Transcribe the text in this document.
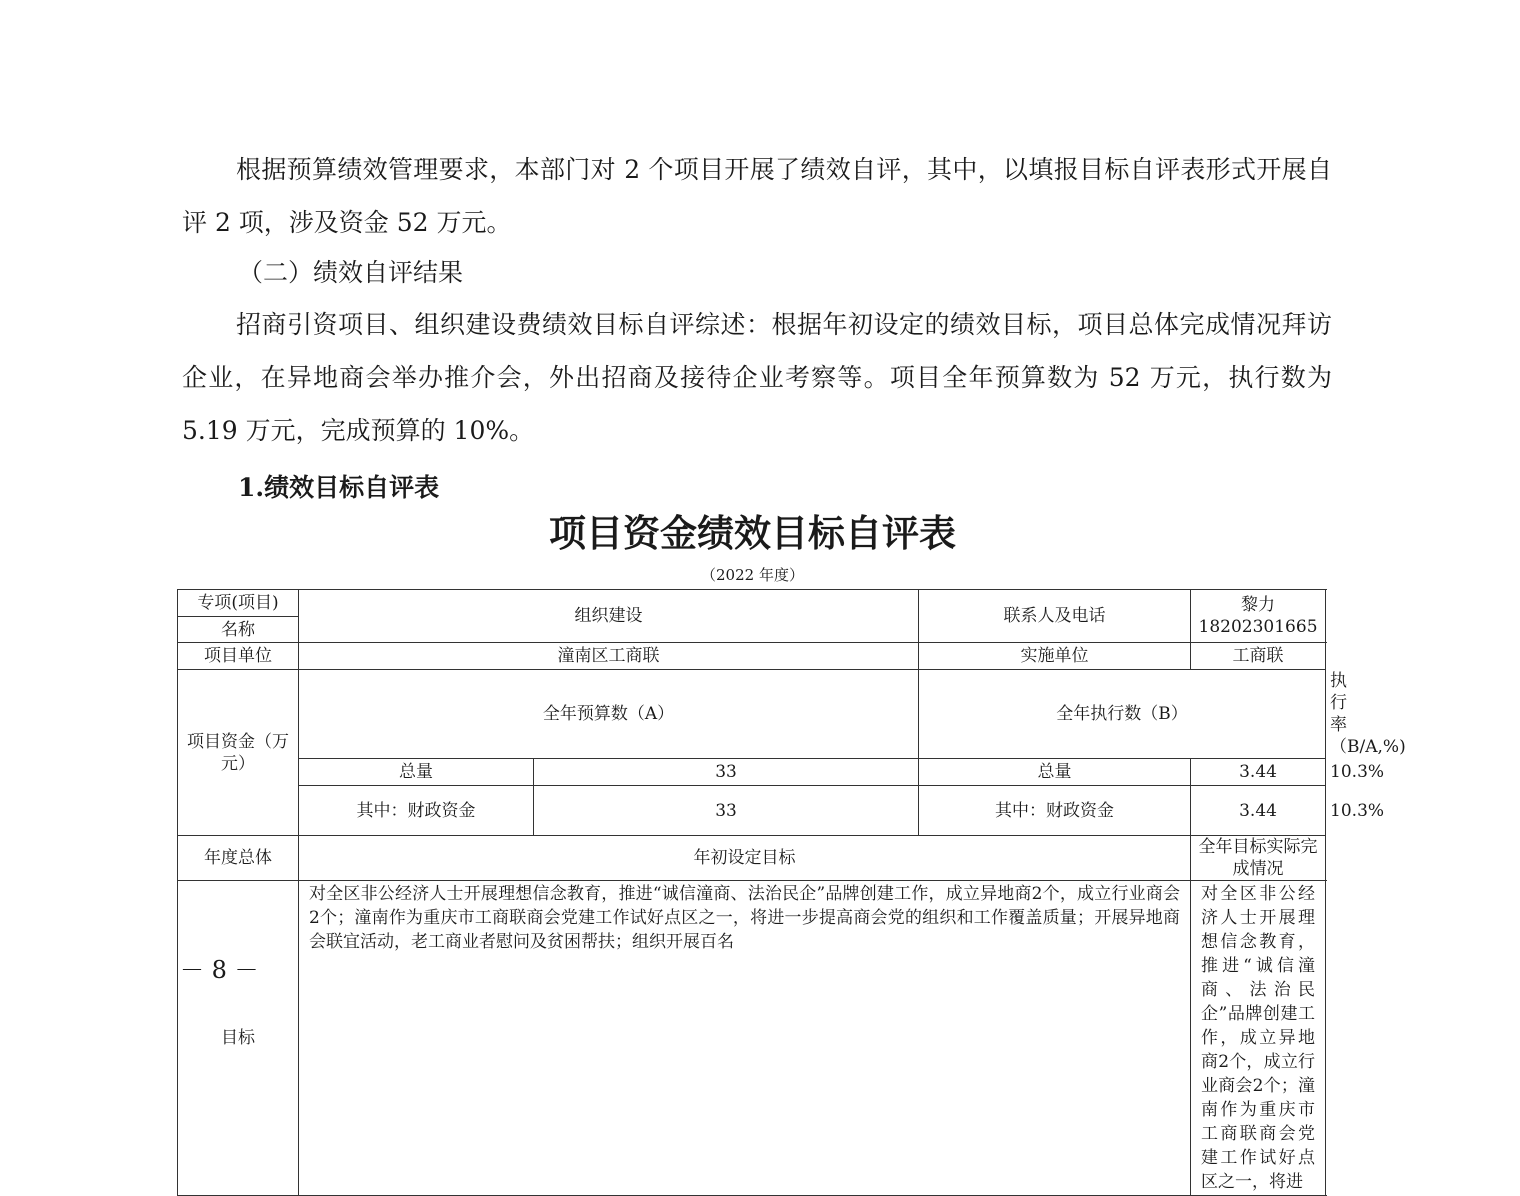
根据预算绩效管理要求，本部门对 2 个项目开展了绩效自评，其中，以填报目标自评表形式开展自评 2 项，涉及资金 52 万元。

（二）绩效自评结果

招商引资项目、组织建设费绩效目标自评综述：根据年初设定的绩效目标，项目总体完成情况拜访企业，在异地商会举办推介会，外出招商及接待企业考察等。项目全年预算数为 52 万元，执行数为 5.19 万元，完成预算的 10%。

1.绩效目标自评表

项目资金绩效目标自评表

（2022 年度）

专项(项目)	组织建设		联系人及电话	黎力 18202301665	
名称					
项目单位	潼南区工商联		实施单位	工商联	
项目资金（万元）	全年预算数（A）		全年执行数（B）		执行率（B/A,%)
	总量	33	总量	3.44	10.3%
	其中：财政资金	33	其中：财政资金	3.44	10.3%
年度总体	年初设定目标			全年目标实际完成情况	
目标	对全区非公经济人士开展理想信念教育，推进“诚信潼商、法治民企”品牌创建工作，成立异地商2个，成立行业商会2个；潼南作为重庆市工商联商会党建工作试好点区之一，将进一步提高商会党的组织和工作覆盖质量；开展异地商会联宜活动，老工商业者慰问及贫困帮扶；组织开展百名			对全区非公经济人士开展理想信念教育，推进“诚信潼商、法治民企”品牌创建工作，成立异地商2个，成立行业商会2个；潼南作为重庆市工商联商会党建工作试好点区之一，将进	

－ 8 －
